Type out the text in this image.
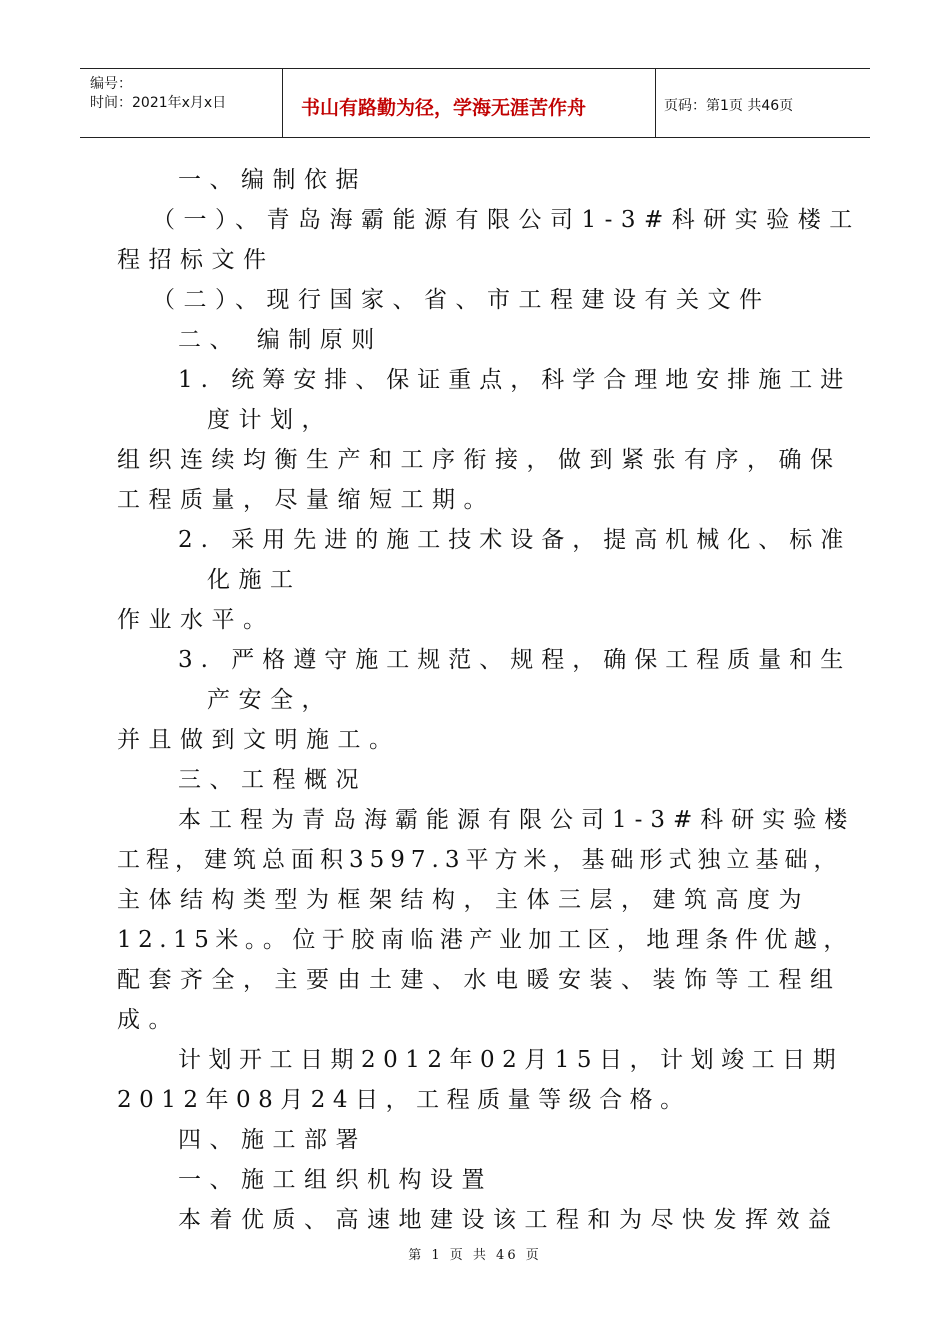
编号：
时间：2021年x月x日	书山有路勤为径，学海无涯苦作舟	页码：第1页 共46页
一、编制依据
（一）、青岛海霸能源有限公司1-3#科研实验楼工
程招标文件
（二）、现行国家、省、市工程建设有关文件
二、 编制原则
1. 统筹安排、保证重点，科学合理地安排施工进
度计划，
组织连续均衡生产和工序衔接，做到紧张有序，确保
工程质量，尽量缩短工期。
2. 采用先进的施工技术设备，提高机械化、标准
化施工
作业水平。
3. 严格遵守施工规范、规程，确保工程质量和生
产安全，
并且做到文明施工。
三、工程概况
本工程为青岛海霸能源有限公司1-3#科研实验楼
工程，建筑总面积3597.3平方米，基础形式独立基础，
主体结构类型为框架结构，主体三层，建筑高度为
12.15米。。位于胶南临港产业加工区，地理条件优越，
配套齐全，主要由土建、水电暖安装、装饰等工程组
成。
计划开工日期2012年02月15日，计划竣工日期
2012年08月24日，工程质量等级合格。
四、施工部署
一、施工组织机构设置
本着优质、高速地建设该工程和为尽快发挥效益
第 1 页 共 46 页
